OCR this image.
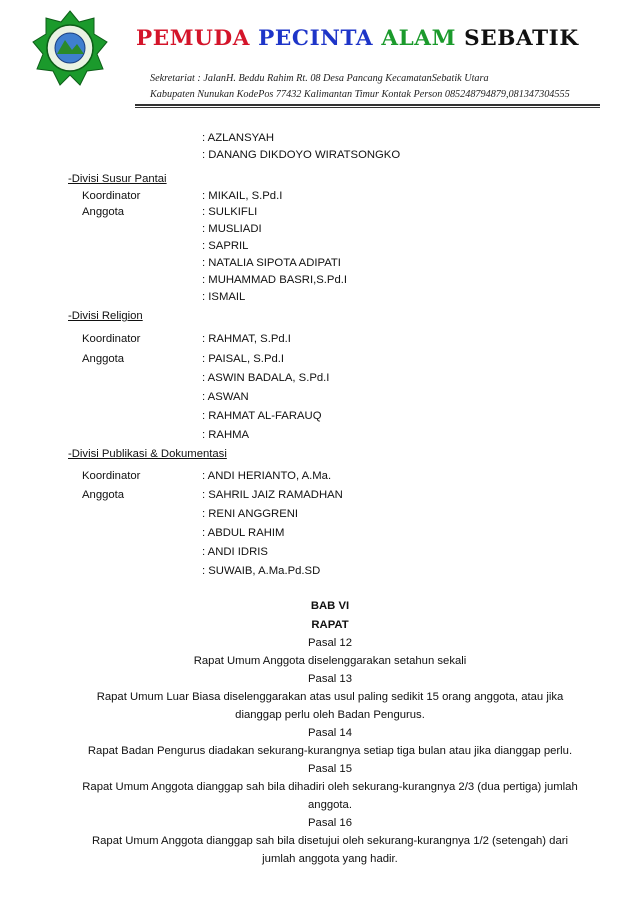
PEMUDA PECINTA ALAM SEBATIK
Sekretariat : JalanH. Beddu Rahim Rt. 08 Desa Pancang KecamatanSebatik Utara
Kabupaten Nunukan KodePos 77432 Kalimantan Timur Kontak Person 085248794879,081347304555
: AZLANSYAH
: DANANG DIKDOYO WIRATSONGKO
-Divisi Susur Pantai
Koordinator	: MIKAIL, S.Pd.I
Anggota	: SULKIFLI
: MUSLIADI
: SAPRIL
: NATALIA SIPOTA ADIPATI
: MUHAMMAD BASRI,S.Pd.I
: ISMAIL
-Divisi Religion
Koordinator	: RAHMAT, S.Pd.I
Anggota	: PAISAL, S.Pd.I
: ASWIN BADALA, S.Pd.I
: ASWAN
: RAHMAT AL-FARAUQ
: RAHMA
-Divisi Publikasi & Dokumentasi
Koordinator	: ANDI HERIANTO, A.Ma.
Anggota	: SAHRIL JAIZ RAMADHAN
: RENI ANGGRENI
: ABDUL RAHIM
: ANDI IDRIS
: SUWAIB, A.Ma.Pd.SD
BAB VI
RAPAT
Pasal 12
Rapat Umum Anggota diselenggarakan setahun sekali
Pasal 13
Rapat Umum Luar Biasa diselenggarakan atas usul paling sedikit 15 orang anggota, atau jika
dianggap perlu oleh Badan Pengurus.
Pasal 14
Rapat Badan Pengurus diadakan sekurang-kurangnya setiap tiga bulan atau jika dianggap perlu.
Pasal 15
Rapat Umum Anggota dianggap sah bila dihadiri oleh sekurang-kurangnya 2/3 (dua pertiga) jumlah
anggota.
Pasal 16
Rapat Umum Anggota dianggap sah bila disetujui oleh sekurang-kurangnya 1/2 (setengah) dari
jumlah anggota yang hadir.
